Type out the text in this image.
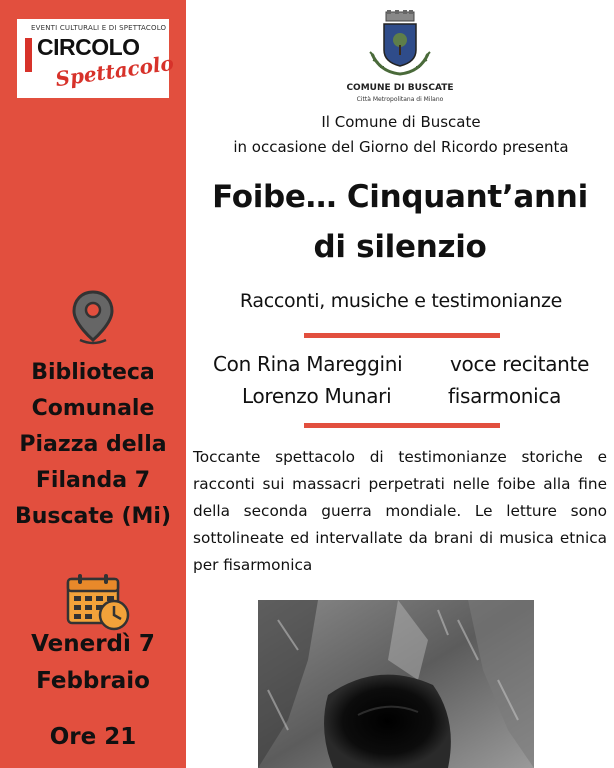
EVENTI CULTURALI E DI SPETTACOLO
CIRCOLO
Spettacolo
Biblioteca
Comunale
Piazza della
Filanda 7
Buscate (Mi)
Venerdì 7
Febbraio
Ore 21
COMUNE DI BUSCATE
Città Metropolitana di Milano
Il Comune di Buscate
in occasione del Giorno del Ricordo presenta
Foibe… Cinquant’anni
di silenzio
Racconti, musiche e testimonianze
Con Rina Mareggini voce recitante
Lorenzo Munari	fisarmonica
Toccante spettacolo di testimonianze storiche e racconti sui massacri perpetrati nelle foibe alla fine della seconda guerra mondiale. Le letture sono sottolineate ed intervallate da brani di musica etnica per fisarmonica
